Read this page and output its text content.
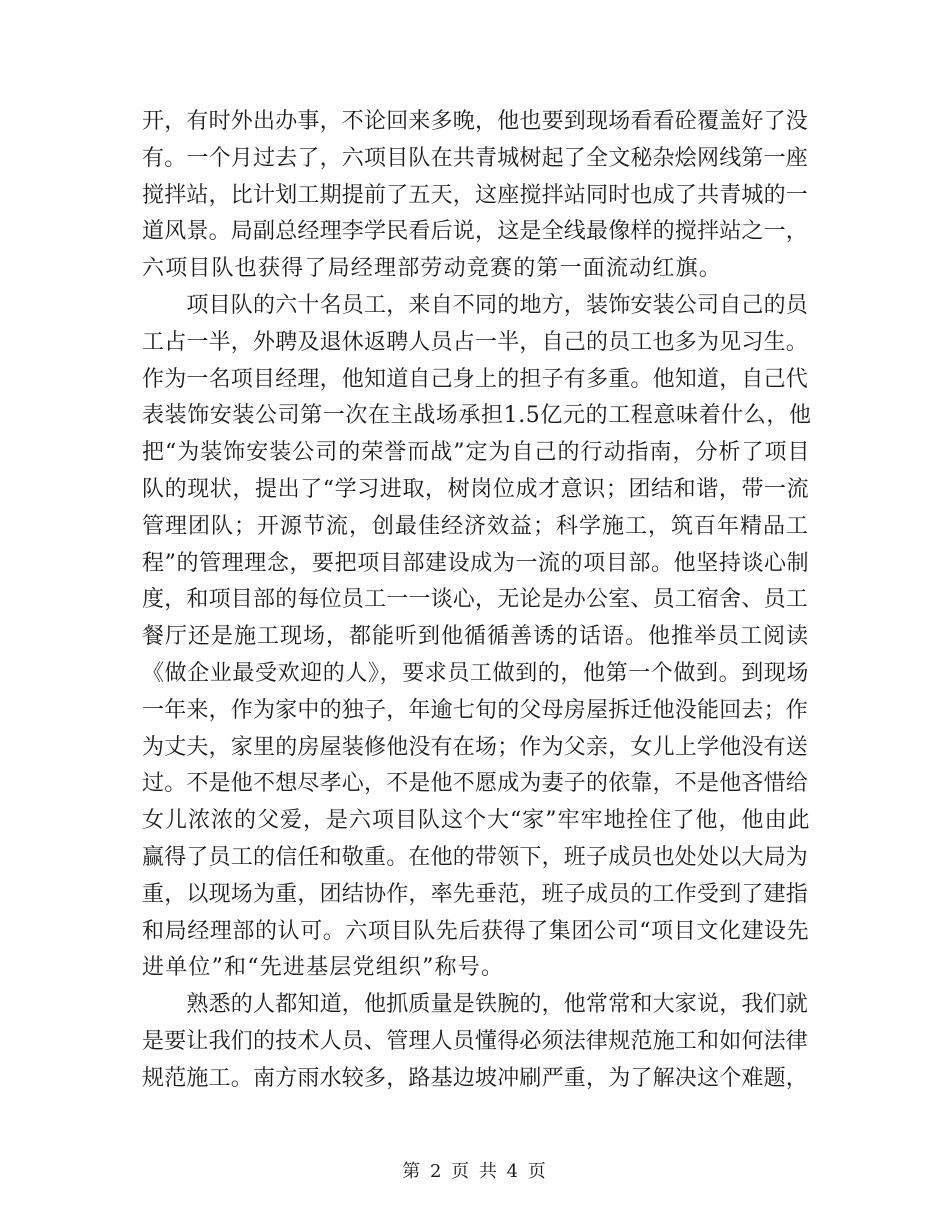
开，有时外出办事，不论回来多晚，他也要到现场看看砼覆盖好了没
有。一个月过去了，六项目队在共青城树起了全文秘杂烩网线第一座
搅拌站，比计划工期提前了五天，这座搅拌站同时也成了共青城的一
道风景。局副总经理李学民看后说，这是全线最像样的搅拌站之一，
六项目队也获得了局经理部劳动竞赛的第一面流动红旗。
　　项目队的六十名员工，来自不同的地方，装饰安装公司自己的员
工占一半，外聘及退休返聘人员占一半，自己的员工也多为见习生。
作为一名项目经理，他知道自己身上的担子有多重。他知道，自己代
表装饰安装公司第一次在主战场承担1.5亿元的工程意味着什么，他
把“为装饰安装公司的荣誉而战”定为自己的行动指南，分析了项目
队的现状，提出了“学习进取，树岗位成才意识；团结和谐，带一流
管理团队；开源节流，创最佳经济效益；科学施工，筑百年精品工
程”的管理理念，要把项目部建设成为一流的项目部。他坚持谈心制
度，和项目部的每位员工一一谈心，无论是办公室、员工宿舍、员工
餐厅还是施工现场，都能听到他循循善诱的话语。他推举员工阅读
《做企业最受欢迎的人》，要求员工做到的，他第一个做到。到现场
一年来，作为家中的独子，年逾七旬的父母房屋拆迁他没能回去；作
为丈夫，家里的房屋装修他没有在场；作为父亲，女儿上学他没有送
过。不是他不想尽孝心，不是他不愿成为妻子的依靠，不是他吝惜给
女儿浓浓的父爱，是六项目队这个大“家”牢牢地拴住了他，他由此
赢得了员工的信任和敬重。在他的带领下，班子成员也处处以大局为
重，以现场为重，团结协作，率先垂范，班子成员的工作受到了建指
和局经理部的认可。六项目队先后获得了集团公司“项目文化建设先
进单位”和“先进基层党组织”称号。
　　熟悉的人都知道，他抓质量是铁腕的，他常常和大家说，我们就
是要让我们的技术人员、管理人员懂得必须法律规范施工和如何法律
规范施工。南方雨水较多，路基边坡冲刷严重，为了解决这个难题，
第 2 页 共 4 页
